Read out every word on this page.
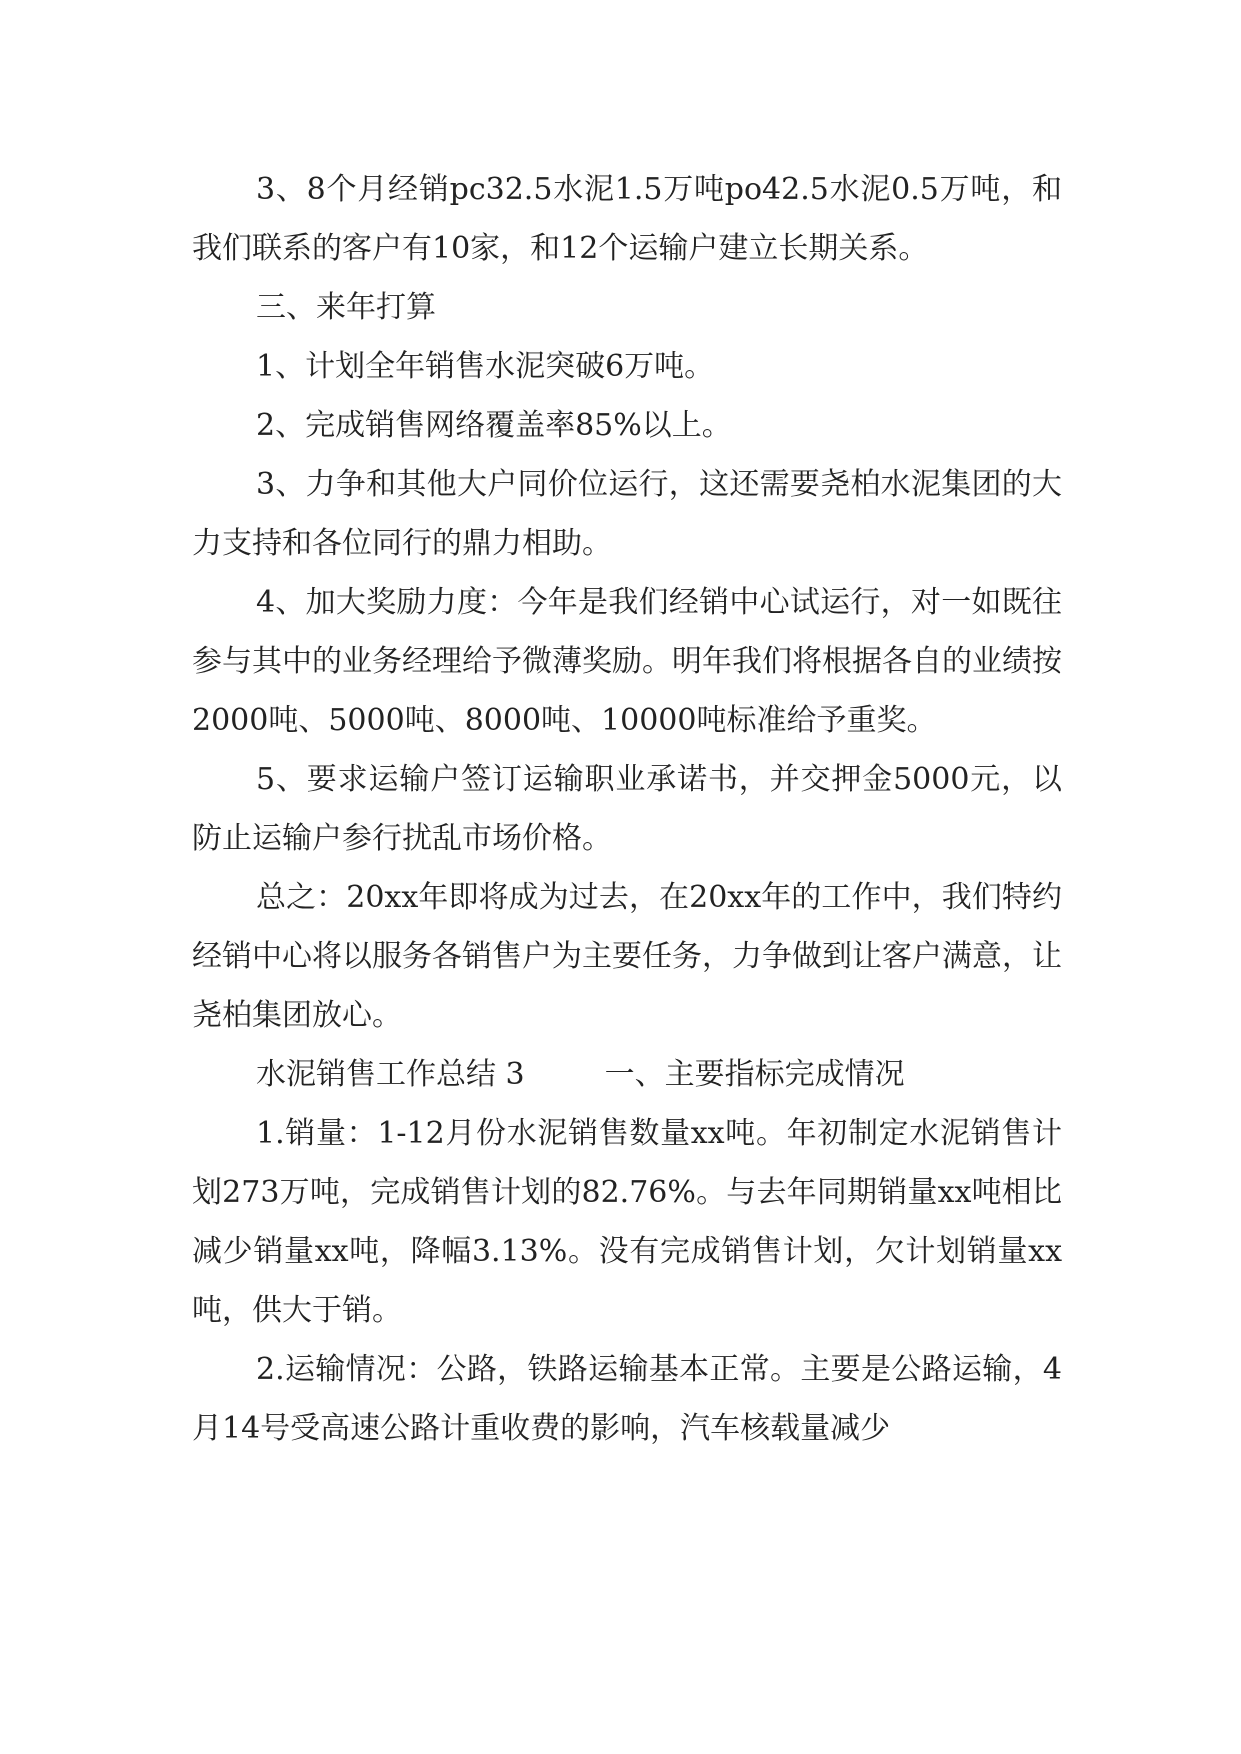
3、8个月经销pc32.5水泥1.5万吨po42.5水泥0.5万吨，和我们联系的客户有10家，和12个运输户建立长期关系。

三、来年打算

1、计划全年销售水泥突破6万吨。

2、完成销售网络覆盖率85%以上。

3、力争和其他大户同价位运行，这还需要尧柏水泥集团的大力支持和各位同行的鼎力相助。

4、加大奖励力度：今年是我们经销中心试运行，对一如既往参与其中的业务经理给予微薄奖励。明年我们将根据各自的业绩按2000吨、5000吨、8000吨、10000吨标准给予重奖。

5、要求运输户签订运输职业承诺书，并交押金5000元，以防止运输户参行扰乱市场价格。

总之：20xx年即将成为过去，在20xx年的工作中，我们特约经销中心将以服务各销售户为主要任务，力争做到让客户满意，让尧柏集团放心。

水泥销售工作总结 3	一、主要指标完成情况

1.销量：1-12月份水泥销售数量xx吨。年初制定水泥销售计划273万吨，完成销售计划的82.76%。与去年同期销量xx吨相比减少销量xx吨，降幅3.13%。没有完成销售计划，欠计划销量xx吨，供大于销。

2.运输情况：公路，铁路运输基本正常。主要是公路运输，4月14号受高速公路计重收费的影响，汽车核载量减少
